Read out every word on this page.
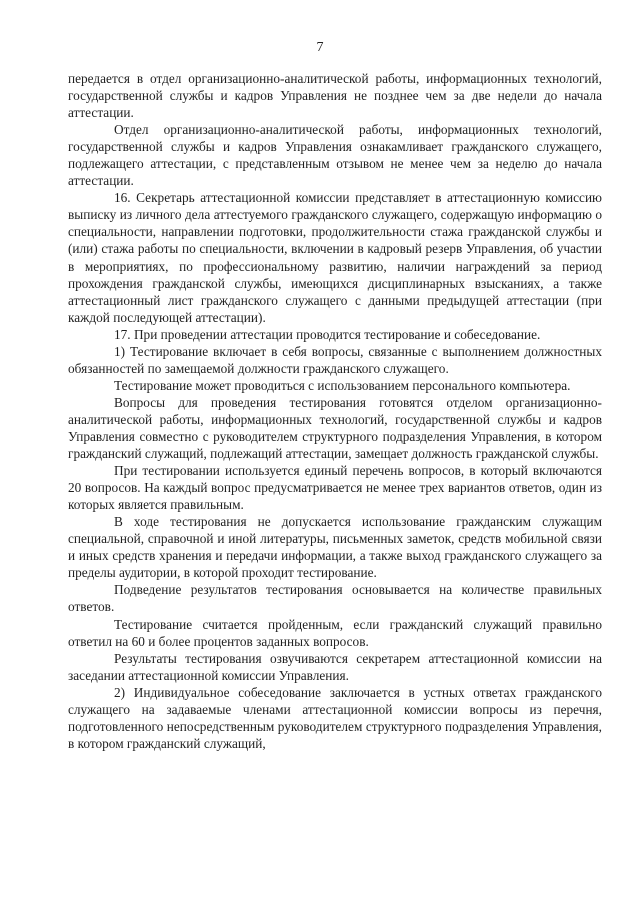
7

передается в отдел организационно-аналитической работы, информационных технологий, государственной службы и кадров Управления не позднее чем за две недели до начала аттестации.

Отдел организационно-аналитической работы, информационных технологий, государственной службы и кадров Управления ознакамливает гражданского служащего, подлежащего аттестации, с представленным отзывом не менее чем за неделю до начала аттестации.

16. Секретарь аттестационной комиссии представляет в аттестационную комиссию выписку из личного дела аттестуемого гражданского служащего, содержащую информацию о специальности, направлении подготовки, продолжительности стажа гражданской службы и (или) стажа работы по специальности, включении в кадровый резерв Управления, об участии в мероприятиях, по профессиональному развитию, наличии награждений за период прохождения гражданской службы, имеющихся дисциплинарных взысканиях, а также аттестационный лист гражданского служащего с данными предыдущей аттестации (при каждой последующей аттестации).

17. При проведении аттестации проводится тестирование и собеседование.

1) Тестирование включает в себя вопросы, связанные с выполнением должностных обязанностей по замещаемой должности гражданского служащего.

Тестирование может проводиться с использованием персонального компьютера.

Вопросы для проведения тестирования готовятся отделом организационно-аналитической работы, информационных технологий, государственной службы и кадров Управления совместно с руководителем структурного подразделения Управления, в котором гражданский служащий, подлежащий аттестации, замещает должность гражданской службы.

При тестировании используется единый перечень вопросов, в который включаются 20 вопросов. На каждый вопрос предусматривается не менее трех вариантов ответов, один из которых является правильным.

В ходе тестирования не допускается использование гражданским служащим специальной, справочной и иной литературы, письменных заметок, средств мобильной связи и иных средств хранения и передачи информации, а также выход гражданского служащего за пределы аудитории, в которой проходит тестирование.

Подведение результатов тестирования основывается на количестве правильных ответов.

Тестирование считается пройденным, если гражданский служащий правильно ответил на 60 и более процентов заданных вопросов.

Результаты тестирования озвучиваются секретарем аттестационной комиссии на заседании аттестационной комиссии Управления.

2) Индивидуальное собеседование заключается в устных ответах гражданского служащего на задаваемые членами аттестационной комиссии вопросы из перечня, подготовленного непосредственным руководителем структурного подразделения Управления, в котором гражданский служащий,
